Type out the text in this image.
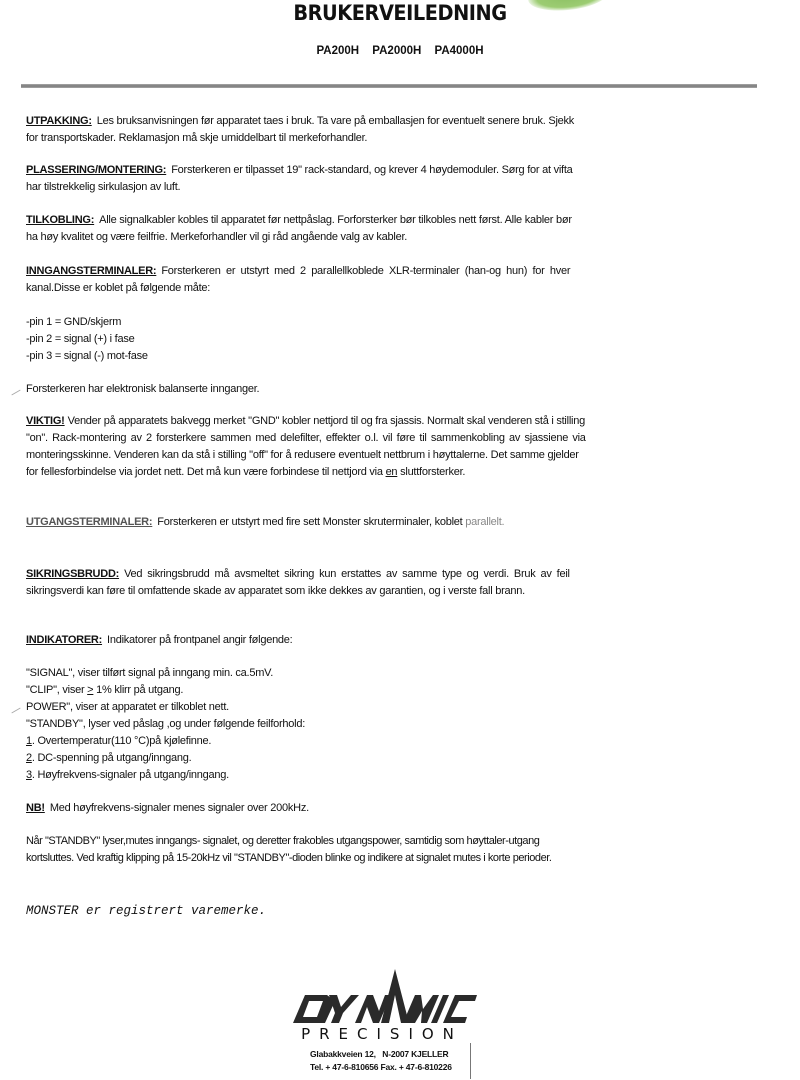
BRUKERVEILEDNING
PA200H PA2000H PA4000H
UTPAKKING: Les bruksanvisningen før apparatet taes i bruk. Ta vare på emballasjen for eventuelt senere bruk. Sjekk
for transportskader. Reklamasjon må skje umiddelbart til merkeforhandler.
PLASSERING/MONTERING: Forsterkeren er tilpasset 19" rack-standard, og krever 4 høydemoduler. Sørg for at vifta
har tilstrekkelig sirkulasjon av luft.
TILKOBLING: Alle signalkabler kobles til apparatet før nettpåslag. Forforsterker bør tilkobles nett først. Alle kabler bør
ha høy kvalitet og være feilfrie. Merkeforhandler vil gi råd angående valg av kabler.
INNGANGSTERMINALER: Forsterkeren er utstyrt med 2 parallellkoblede XLR-terminaler (han-og hun) for hver
kanal.Disse er koblet på følgende måte:
-pin 1 = GND/skjerm
-pin 2 = signal (+) i fase
-pin 3 = signal (-) mot-fase
Forsterkeren har elektronisk balanserte innganger.
VIKTIG! Vender på apparatets bakvegg merket "GND" kobler nettjord til og fra sjassis. Normalt skal venderen stå i stilling
"on". Rack-montering av 2 forsterkere sammen med delefilter, effekter o.l. vil føre til sammenkobling av sjassiene via
monteringsskinne. Venderen kan da stå i stilling "off" for å redusere eventuelt nettbrum i høyttalerne. Det samme gjelder
for fellesforbindelse via jordet nett. Det må kun være forbindese til nettjord via en sluttforsterker.
UTGANGSTERMINALER: Forsterkeren er utstyrt med fire sett Monster skruterminaler, koblet parallelt.
SIKRINGSBRUDD: Ved sikringsbrudd må avsmeltet sikring kun erstattes av samme type og verdi. Bruk av feil
sikringsverdi kan føre til omfattende skade av apparatet som ikke dekkes av garantien, og i verste fall brann.
INDIKATORER: Indikatorer på frontpanel angir følgende:
"SIGNAL", viser tilført signal på inngang min. ca.5mV.
"CLIP", viser ≥ 1% klirr på utgang.
POWER", viser at apparatet er tilkoblet nett.
"STANDBY", lyser ved påslag ,og under følgende feilforhold:
1. Overtemperatur(110 °C)på kjølefinne.
2. DC-spenning på utgang/inngang.
3. Høyfrekvens-signaler på utgang/inngang.
NB! Med høyfrekvens-signaler menes signaler over 200kHz.
Når "STANDBY" lyser,mutes inngangs- signalet, og deretter frakobles utgangspower, samtidig som høyttaler-utgang
kortsluttes. Ved kraftig klipping på 15-20kHz vil "STANDBY"-dioden blinke og indikere at signalet mutes i korte perioder.
MONSTER er registrert varemerke.
PRECISION
Glabakkveien 12,   N-2007 KJELLER
Tel. + 47-6-810656 Fax. + 47-6-810226
